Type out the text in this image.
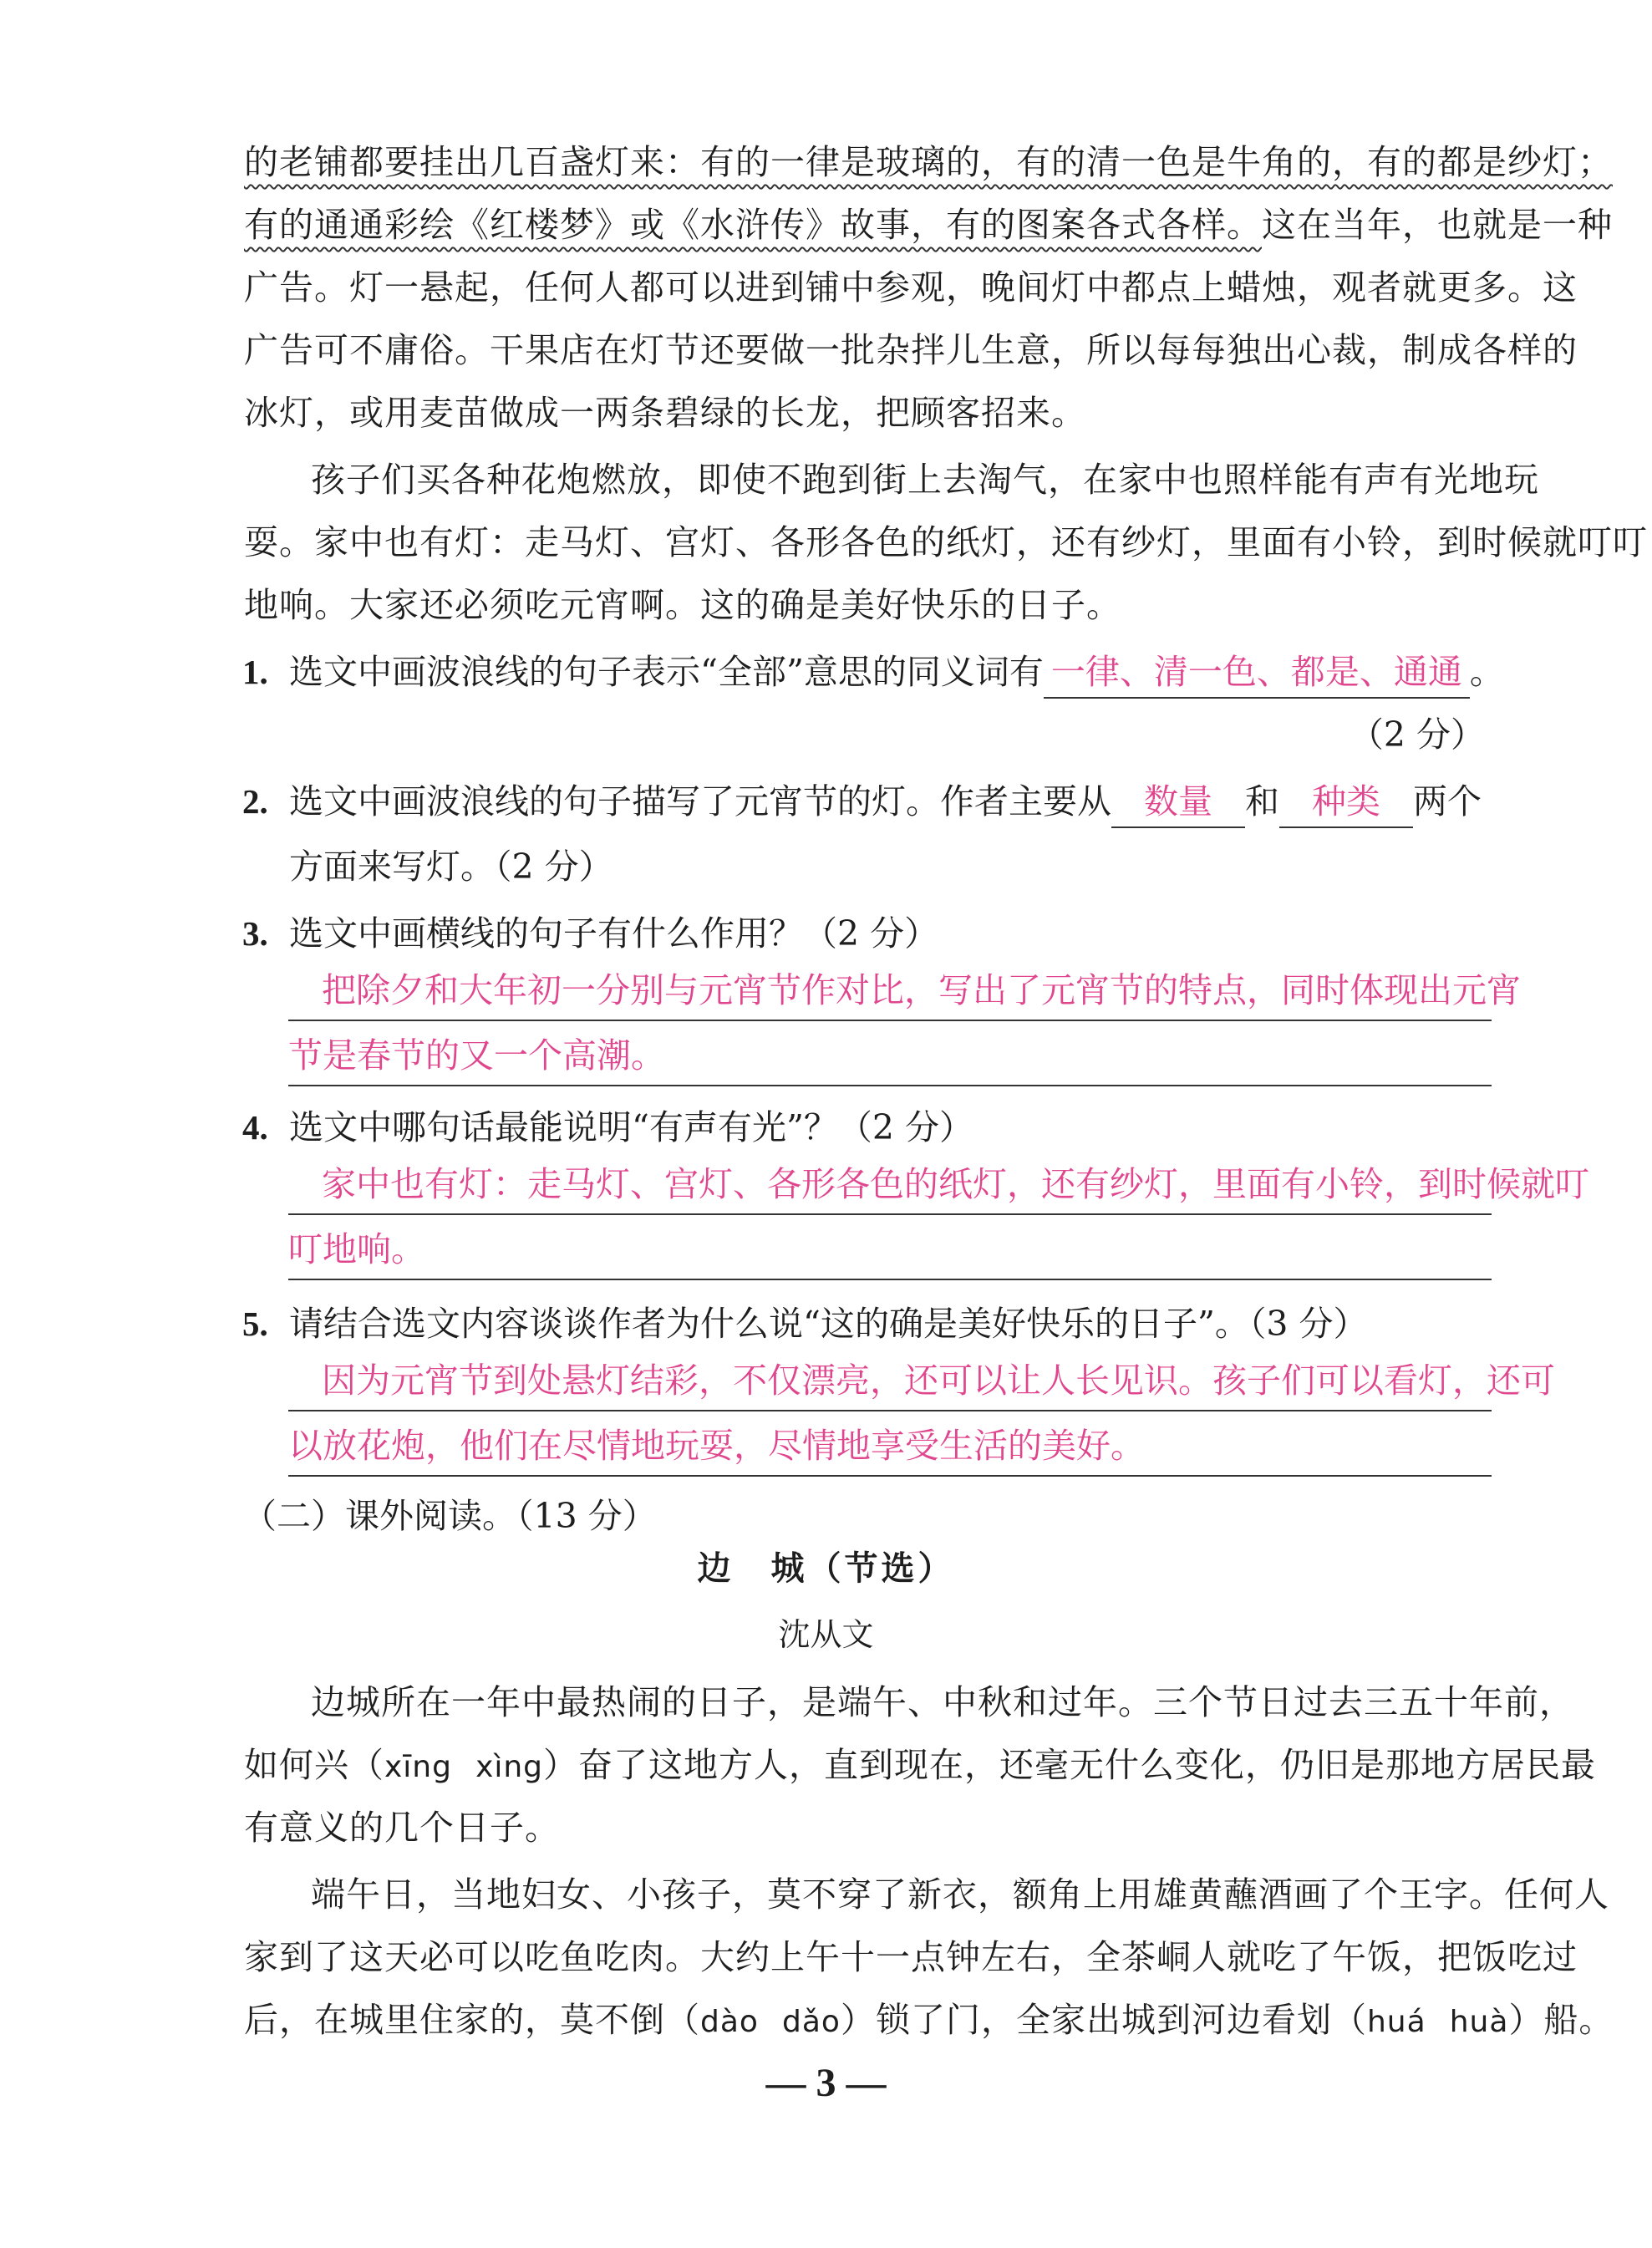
的老铺都要挂出几百盏灯来：有的一律是玻璃的，有的清一色是牛角的，有的都是纱灯；
有的通通彩绘《红楼梦》或《水浒传》故事，有的图案各式各样。这在当年，也就是一种
广告。灯一悬起，任何人都可以进到铺中参观，晚间灯中都点上蜡烛，观者就更多。这
广告可不庸俗。干果店在灯节还要做一批杂拌儿生意，所以每每独出心裁，制成各样的
冰灯，或用麦苗做成一两条碧绿的长龙，把顾客招来。
孩子们买各种花炮燃放，即使不跑到街上去淘气，在家中也照样能有声有光地玩
耍。家中也有灯：走马灯、宫灯、各形各色的纸灯，还有纱灯，里面有小铃，到时候就叮叮
地响。大家还必须吃元宵啊。这的确是美好快乐的日子。
1. 选文中画波浪线的句子表示“全部”意思的同义词有 一律、清一色、都是、通通 。
（2 分）
2. 选文中画波浪线的句子描写了元宵节的灯。作者主要从 数量 和 种类 两个
方面来写灯。（2 分）
3. 选文中画横线的句子有什么作用？（2 分）
把除夕和大年初一分别与元宵节作对比，写出了元宵节的特点，同时体现出元宵
节是春节的又一个高潮。
4. 选文中哪句话最能说明“有声有光”？（2 分）
家中也有灯：走马灯、宫灯、各形各色的纸灯，还有纱灯，里面有小铃，到时候就叮
叮地响。
5. 请结合选文内容谈谈作者为什么说“这的确是美好快乐的日子”。（3 分）
因为元宵节到处悬灯结彩，不仅漂亮，还可以让人长见识。孩子们可以看灯，还可
以放花炮，他们在尽情地玩耍，尽情地享受生活的美好。
（二）课外阅读。（13 分）
边　城（节选）
沈从文
边城所在一年中最热闹的日子，是端午、中秋和过年。三个节日过去三五十年前，
如何兴（xīng xìng）奋了这地方人，直到现在，还毫无什么变化，仍旧是那地方居民最
有意义的几个日子。
端午日，当地妇女、小孩子，莫不穿了新衣，额角上用雄黄蘸酒画了个王字。任何人
家到了这天必可以吃鱼吃肉。大约上午十一点钟左右，全茶峒人就吃了午饭，把饭吃过
后，在城里住家的，莫不倒（dào dǎo）锁了门，全家出城到河边看划（huá huà）船。
— 3 —
